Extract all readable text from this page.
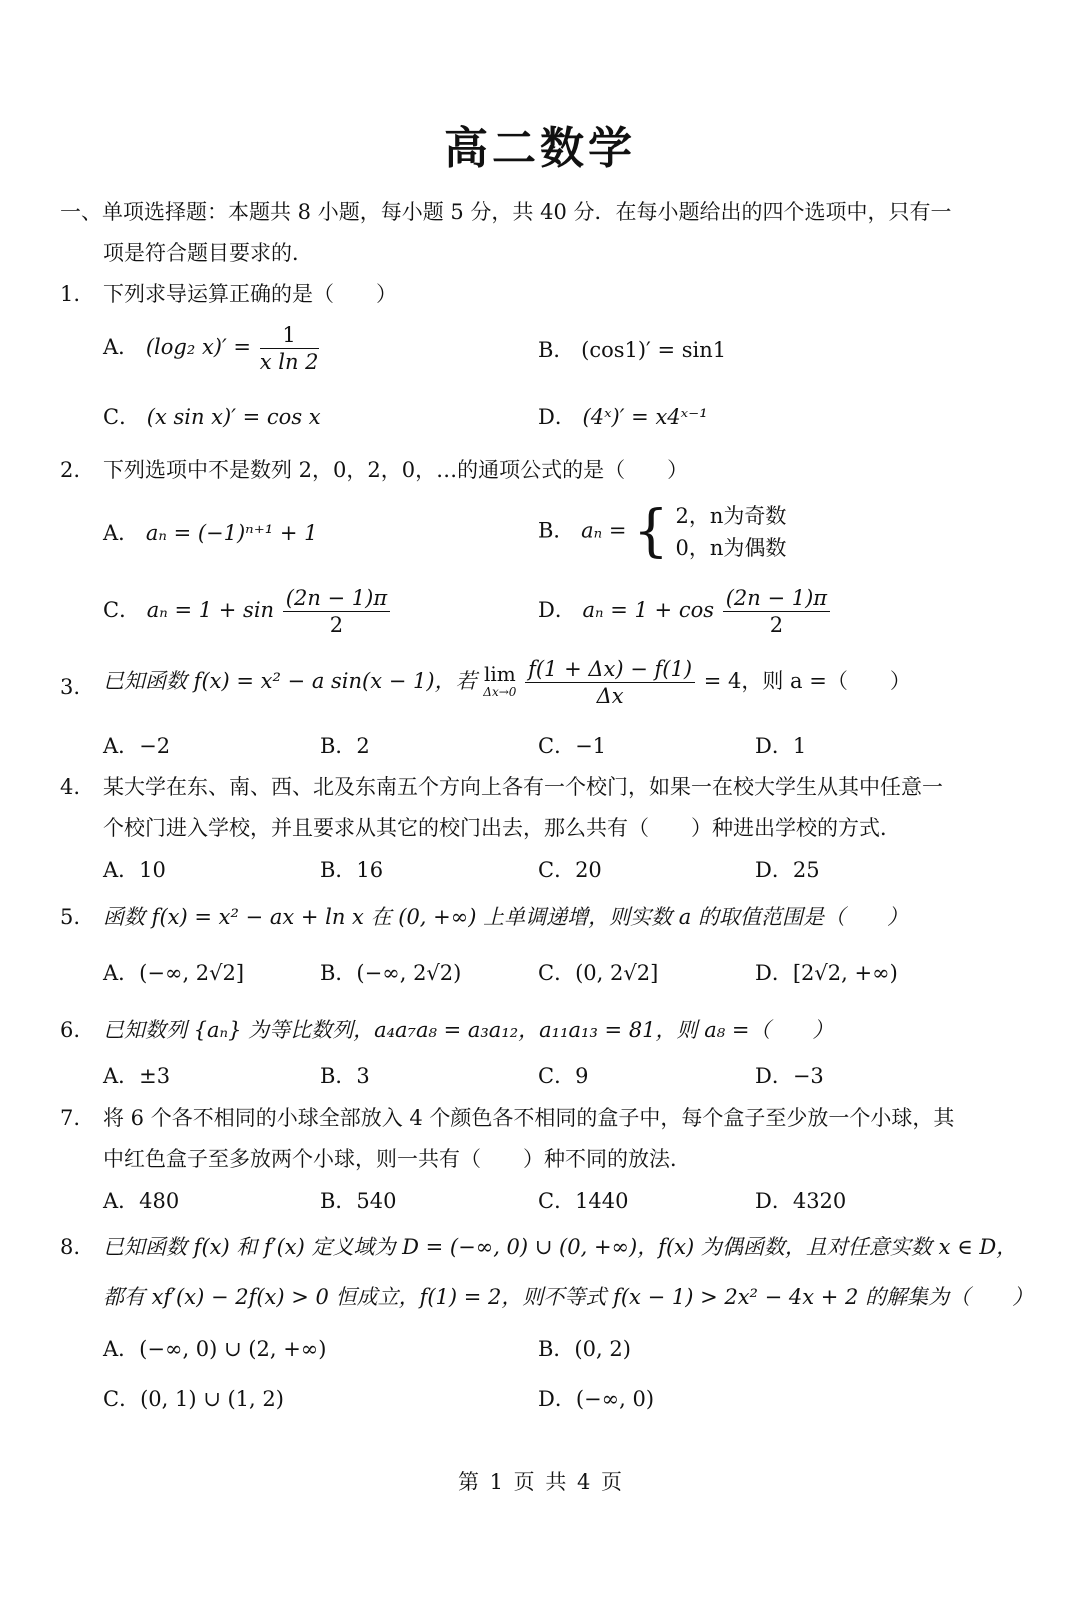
高二数学
一、单项选择题：本题共 8 小题，每小题 5 分，共 40 分．在每小题给出的四个选项中，只有一
项是符合题目要求的．
1. 下列求导运算正确的是（　　）
A． (log₂ $x)' = \frac{1}{\text{x ln 2}}$	B． (cos1)′ = sin1
C． (x sin x)′ = cos x	D． (4ˣ)′ = x4ˣ⁻¹
2. 下列选项中不是数列 2，0，2，0，…的通项公式的是（　　）
A． aₙ = (−1)ⁿ⁺¹ + 1	B． aₙ = { 2，n为奇数
0，n为偶数
C． $a_n = 1 + \sin \frac{(2n - 1)\pi}{2}$	D． $a_n = 1 + \cos \frac{(2n - 1)\pi}{2}$
3. 已知函数 f(x) = x² − a sin(x − 1)，若 lim
Δx→0
$\frac{f(1 + \Delta x) - f(1)}{\Delta x} = 4$，则 a =（　　）
A．−2	B．2	C．−1	D．1
4. 某大学在东、南、西、北及东南五个方向上各有一个校门，如果一在校大学生从其中任意一
个校门进入学校，并且要求从其它的校门出去，那么共有（　　）种进出学校的方式．
A．10	B．16	C．20	D．25
5. 函数 f(x) = x² − ax + ln x 在 (0, +∞) 上单调递增，则实数 a 的取值范围是（　　）
A．(−∞, 2√2]	B．(−∞, 2√2)	C．(0, 2√2]	D．[2√2, +∞)
6. 已知数列 {aₙ} 为等比数列，a₄a₇a₈ = a₃a₁₂，a₁₁a₁₃ = 81，则 a₈ =（　　）
A．±3	B．3	C．9	D．−3
7. 将 6 个各不相同的小球全部放入 4 个颜色各不相同的盒子中，每个盒子至少放一个小球，其
中红色盒子至多放两个小球，则一共有（　　）种不同的放法．
A．480	B．540	C．1440	D．4320
8. 已知函数 f(x) 和 f′(x) 定义域为 D = (−∞, 0) ∪ (0, +∞)，f(x) 为偶函数，且对任意实数 x ∈ D，
都有 xf′(x) − 2f(x) > 0 恒成立，f(1) = 2，则不等式 f(x − 1) > 2x² − 4x + 2 的解集为（　　）
A．(−∞, 0) ∪ (2, +∞)	B．(0, 2)
C．(0, 1) ∪ (1, 2)	D．(−∞, 0)
第 1 页 共 4 页
